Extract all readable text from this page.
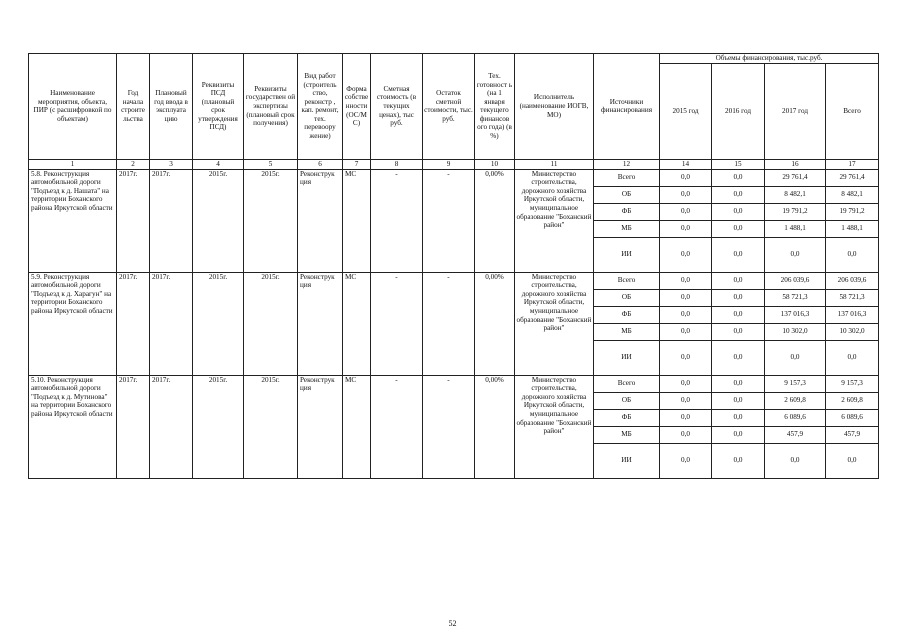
Наименование мероприятия, объекта, ПИР (с расшифровкой по объектам)	Год начала строите льства	Плановый год ввода в эксплуата цию	Реквизиты ПСД (плановый срок утверждения ПСД)	Реквизиты государствен ой экспертизы (плановый срок получения)	Вид работ (строитель ство, реконстр , кап. ремонт, тех. перевоору жение)	Форма собстве нности (ОС/М С)	Сметная стоимость (в текущих ценах), тыс руб.	Остаток сметной стоимости, тыс. руб.	Тех. готовност ь (на 1 января текущего финансов ого года) (в %)	Исполнитель (наименование ИОГВ, МО)	Источники финансирования	Объемы финансирования, тыс.руб.			
												2015 год	2016 год	2017 год	Всего
1	2	3	4	5	6	7	8	9	10	11	12	14	15	16	17
5.8. Реконструкция автомобильной дороги "Подъезд к д. Нашата" на территории Боханского района Иркутской области	2017г.	2017г.	2015г.	2015г.	Реконструк ция	МС	-	-	0,00%	Министерство строительства, дорожного хозяйства Иркутской области, муниципальное образование "Боханский район"	Всего	0,0	0,0	29 761,4	29 761,4
											ОБ	0,0	0,0	8 482,1	8 482,1
											ФБ	0,0	0,0	19 791,2	19 791,2
											МБ	0,0	0,0	1 488,1	1 488,1
											ИИ	0,0	0,0	0,0	0,0
5.9. Реконструкция автомобильной дороги "Подъезд к д. Харагун" на территории Боханского района Иркутской области	2017г.	2017г.	2015г.	2015г.	Реконструк ция	МС	-	-	0,00%	Министерство строительства, дорожного хозяйства Иркутской области, муниципальное образование "Боханский район"	Всего	0,0	0,0	206 039,6	206 039,6
											ОБ	0,0	0,0	58 721,3	58 721,3
											ФБ	0,0	0,0	137 016,3	137 016,3
											МБ	0,0	0,0	10 302,0	10 302,0
											ИИ	0,0	0,0	0,0	0,0
5.10. Реконструкция автомобильной дороги "Подъезд к д. Мутинова" на территории Боханского района Иркутской области	2017г.	2017г.	2015г.	2015г.	Реконструк ция	МС	-	-	0,00%	Министерство строительства, дорожного хозяйства Иркутской области, муниципальное образование "Боханский район"	Всего	0,0	0,0	9 157,3	9 157,3
											ОБ	0,0	0,0	2 609,8	2 609,8
											ФБ	0,0	0,0	6 089,6	6 089,6
											МБ	0,0	0,0	457,9	457,9
											ИИ	0,0	0,0	0,0	0,0
52
